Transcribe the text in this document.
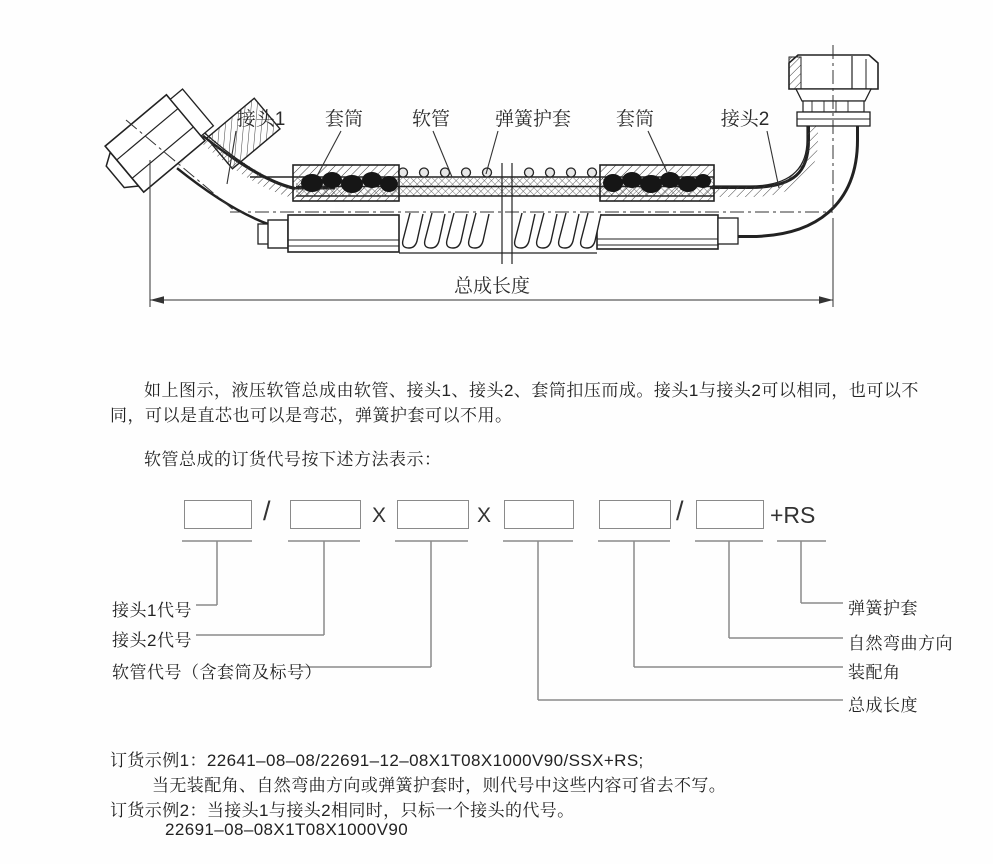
接头1 套筒	软管 弹簧护套 套筒	接头2
总成长度
如上图示，液压软管总成由软管、接头1、接头2、套筒扣压而成。接头1与接头2可以相同，也可以不同，可以是直芯也可以是弯芯，弹簧护套可以不用。
软管总成的订货代号按下述方法表示：
/	X	X	/	+RS
接头1代号
接头2代号
软管代号（含套筒及标号）
弹簧护套
自然弯曲方向
装配角
总成长度
订货示例1：22641–08–08/22691–12–08X1T08X1000V90/SSX+RS;
当无装配角、自然弯曲方向或弹簧护套时，则代号中这些内容可省去不写。
订货示例2：当接头1与接头2相同时，只标一个接头的代号。
22691–08–08X1T08X1000V90
